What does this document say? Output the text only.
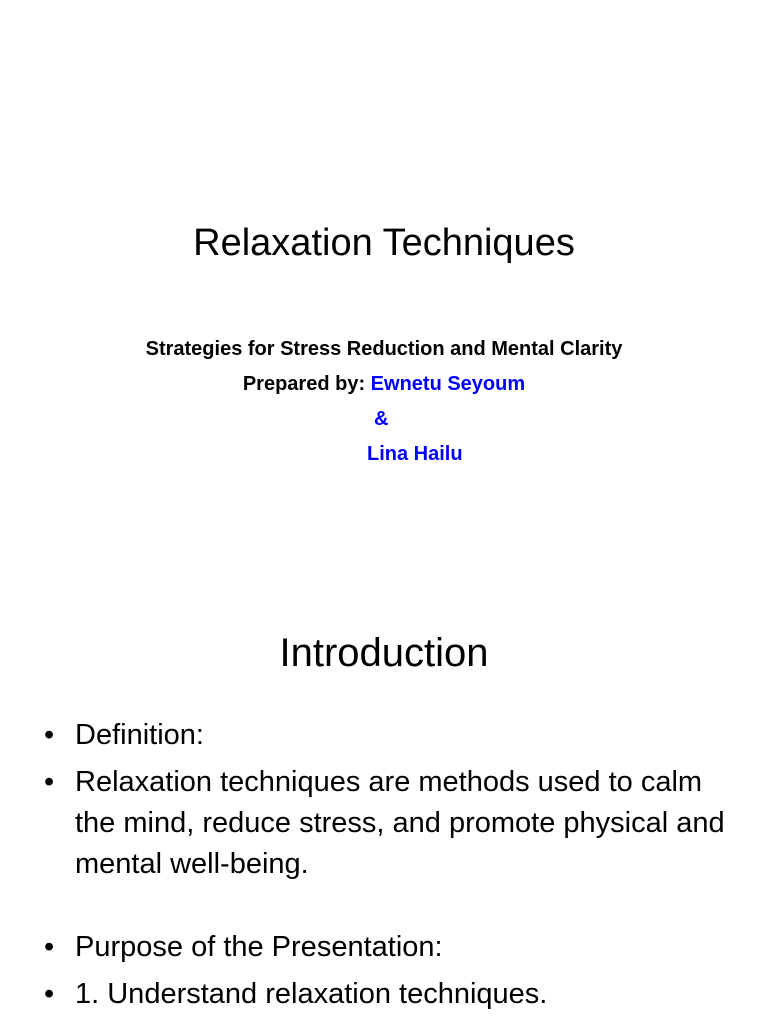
Relaxation Techniques
Strategies for Stress Reduction and Mental Clarity
Prepared by: Ewnetu Seyoum
&
Lina Hailu
Introduction
• Definition:
• Relaxation techniques are methods used to calm the mind, reduce stress, and promote physical and mental well-being.
• Purpose of the Presentation:
• 1. Understand relaxation techniques.
